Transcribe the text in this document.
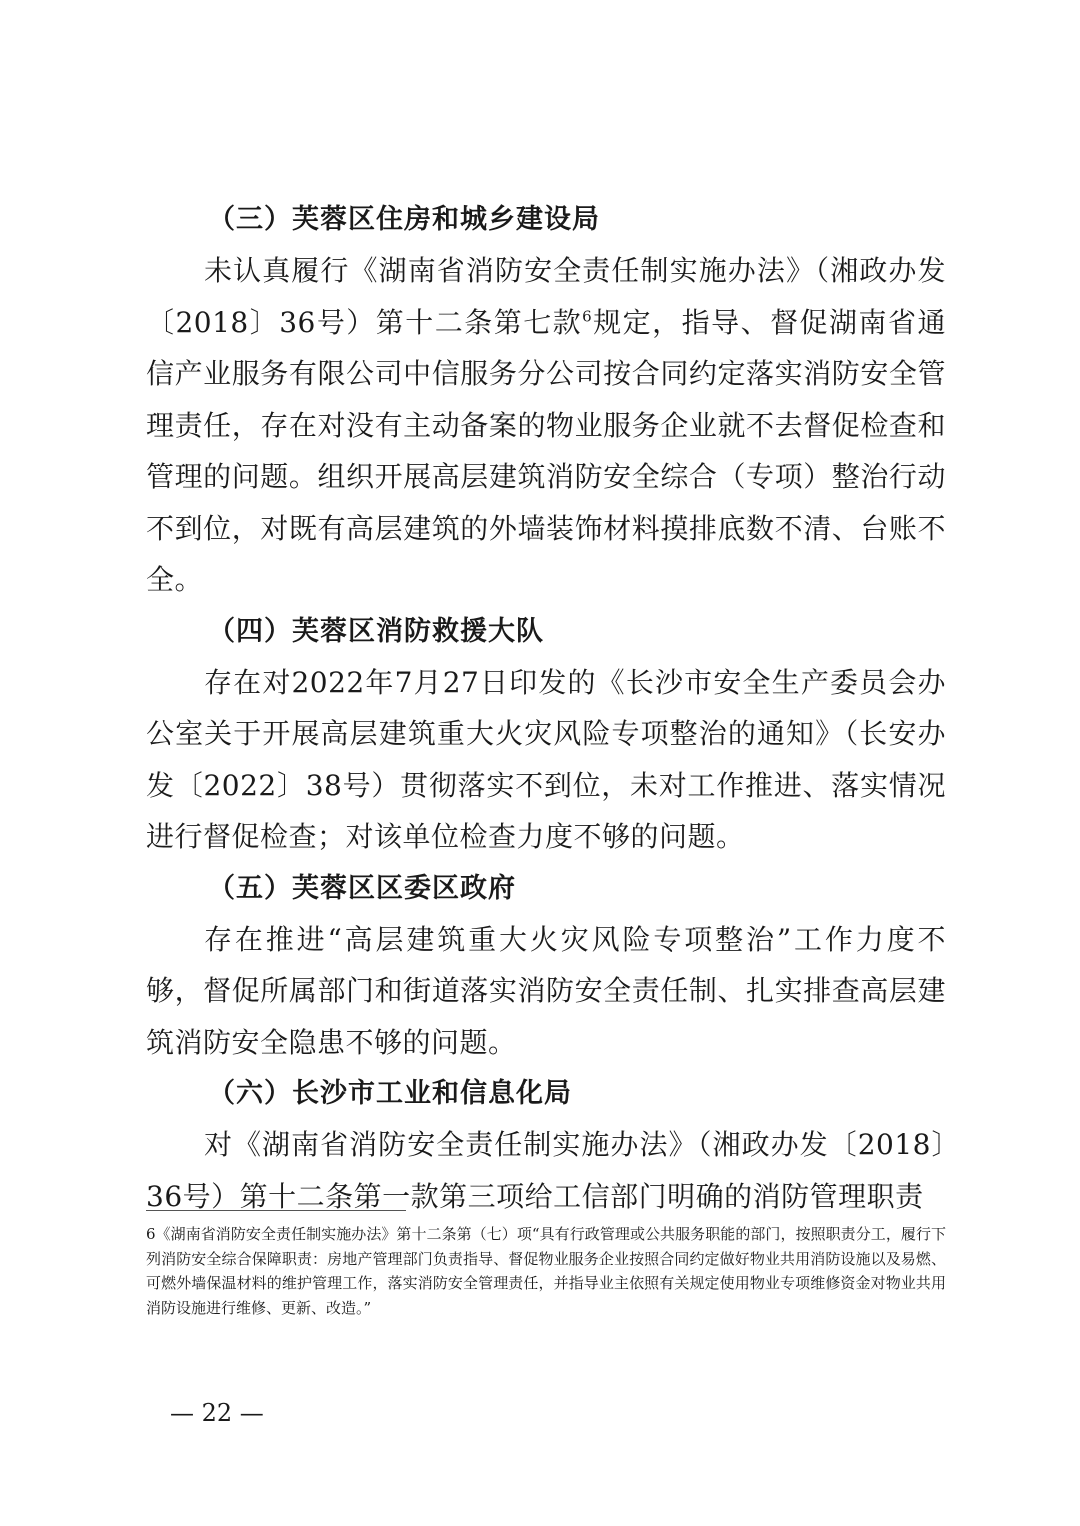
（三）芙蓉区住房和城乡建设局

未认真履行《湖南省消防安全责任制实施办法》（湘政办发〔2018〕36号）第十二条第七款$^6$规定，指导、督促湖南省通信产业服务有限公司中信服务分公司按合同约定落实消防安全管理责任，存在对没有主动备案的物业服务企业就不去督促检查和管理的问题。组织开展高层建筑消防安全综合（专项）整治行动不到位，对既有高层建筑的外墙装饰材料摸排底数不清、台账不全。

（四）芙蓉区消防救援大队

存在对2022年7月27日印发的《长沙市安全生产委员会办公室关于开展高层建筑重大火灾风险专项整治的通知》（长安办发〔2022〕38号）贯彻落实不到位，未对工作推进、落实情况进行督促检查；对该单位检查力度不够的问题。

（五）芙蓉区区委区政府

存在推进“高层建筑重大火灾风险专项整治”工作力度不够，督促所属部门和街道落实消防安全责任制、扎实排查高层建筑消防安全隐患不够的问题。

（六）长沙市工业和信息化局

对《湖南省消防安全责任制实施办法》（湘政办发〔2018〕36号）第十二条第一款第三项给工信部门明确的消防管理职责

6《湖南省消防安全责任制实施办法》第十二条第（七）项“具有行政管理或公共服务职能的部门，按照职责分工，履行下列消防安全综合保障职责：房地产管理部门负责指导、督促物业服务企业按照合同约定做好物业共用消防设施以及易燃、可燃外墙保温材料的维护管理工作，落实消防安全管理责任，并指导业主依照有关规定使用物业专项维修资金对物业共用消防设施进行维修、更新、改造。”

— 22 —
